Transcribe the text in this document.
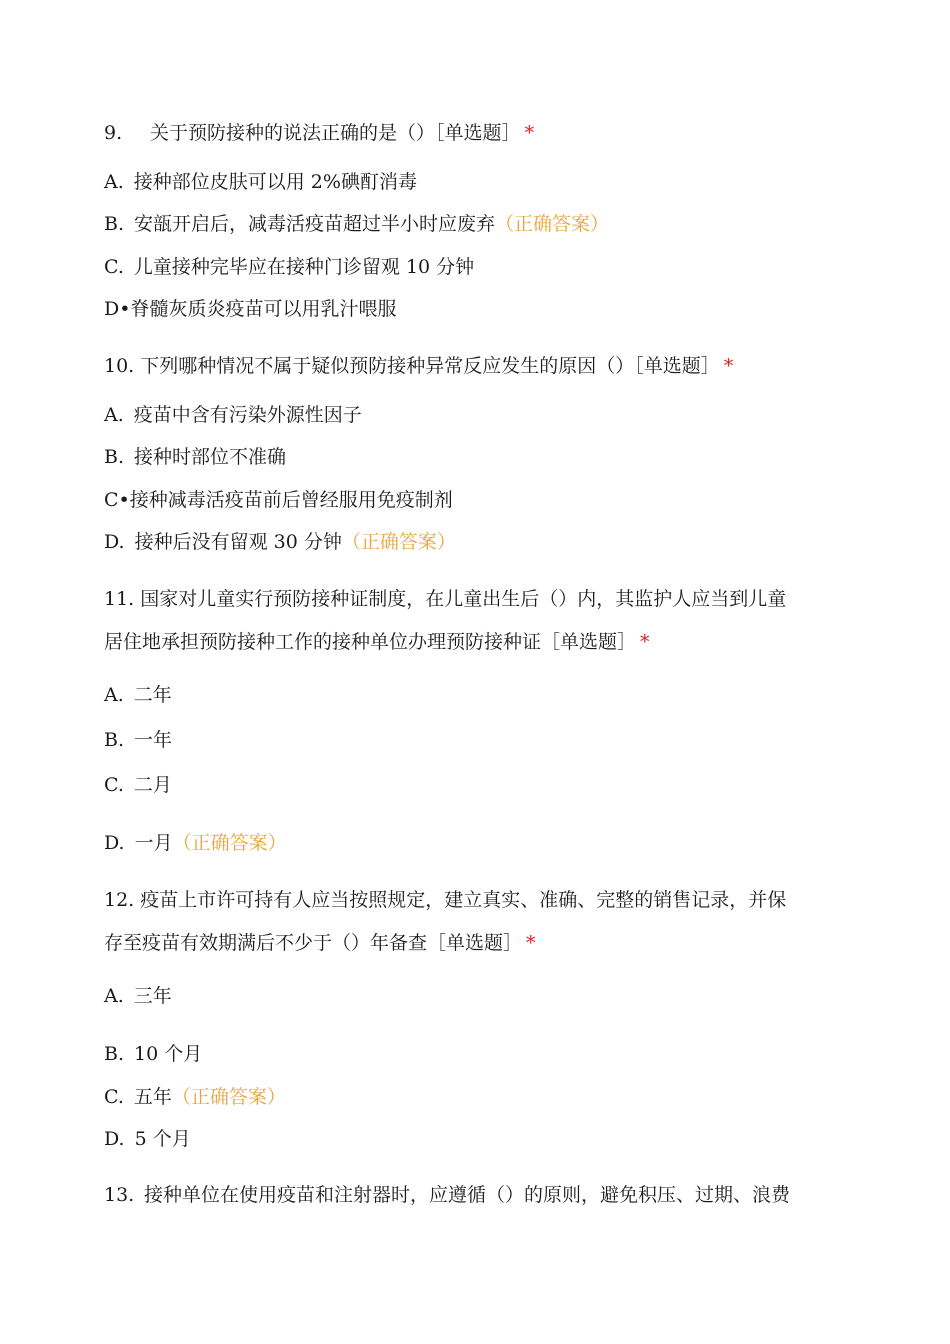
9. 关于预防接种的说法正确的是（）［单选题］ *
A. 接种部位皮肤可以用 2%碘酊消毒
B. 安瓿开启后，减毒活疫苗超过半小时应废弃（正确答案）
C. 儿童接种完毕应在接种门诊留观 10 分钟
D•脊髓灰质炎疫苗可以用乳汁喂服
10. 下列哪种情况不属于疑似预防接种异常反应发生的原因（）［单选题］ *
A. 疫苗中含有污染外源性因子
B. 接种时部位不准确
C•接种减毒活疫苗前后曾经服用免疫制剂
D. 接种后没有留观 30 分钟（正确答案）
11. 国家对儿童实行预防接种证制度，在儿童出生后（）内，其监护人应当到儿童
居住地承担预防接种工作的接种单位办理预防接种证［单选题］ *
A. 二年
B. 一年
C. 二月
D. 一月（正确答案）
12. 疫苗上市许可持有人应当按照规定，建立真实、准确、完整的销售记录，并保
存至疫苗有效期满后不少于（）年备查［单选题］ *
A. 三年
B. 10 个月
C. 五年（正确答案）
D. 5 个月
13. 接种单位在使用疫苗和注射器时，应遵循（）的原则，避免积压、过期、浪费
